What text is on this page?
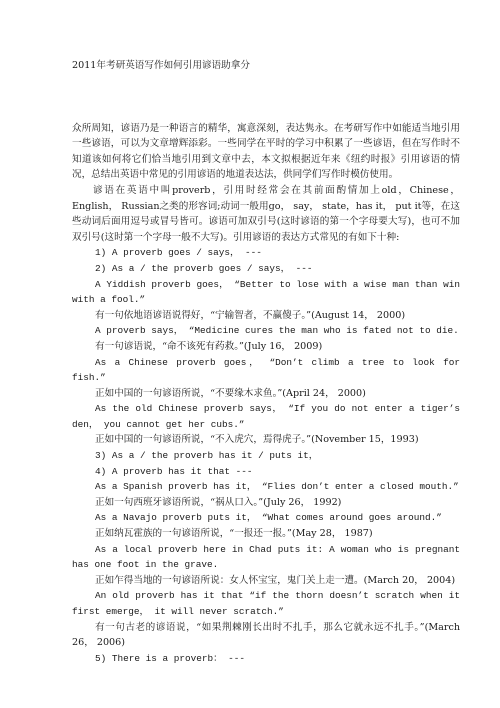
2011年考研英语写作如何引用谚语助拿分

众所周知，谚语乃是一种语言的精华，寓意深刻，表达隽永。在考研写作中如能适当地引用一些谚语，可以为文章增辉添彩。一些同学在平时的学习中积累了一些谚语，但在写作时不知道该如何将它们恰当地引用到文章中去，本文拟根据近年来《纽约时报》引用谚语的情况，总结出英语中常见的引用谚语的地道表达法，供同学们写作时模仿使用。

谚语在英语中叫proverb，引用时经常会在其前面酌情加上old，Chinese， English， Russian之类的形容词;动词一般用go， say， state，has it， put it等，在这些动词后面用逗号或冒号皆可。谚语可加双引号(这时谚语的第一个字母要大写)，也可不加双引号(这时第一个字母一般不大写)。引用谚语的表达方式常见的有如下十种:

1) A proverb goes / says， ---

2) As a / the proverb goes / says， ---

A Yiddish proverb goes， “Better to lose with a wise man than win with a fool.”

有一句依地语谚语说得好，“宁输智者，不赢傻子。”(August 14， 2000)

A proverb says， “Medicine cures the man who is fated not to die.

有一句谚语说，“命不该死有药救。”(July 16， 2009)

As a Chinese proverb goes， “Don’t climb a tree to look for fish.”

正如中国的一句谚语所说，“不要缘木求鱼。”(April 24， 2000)

As the old Chinese proverb says， “If you do not enter a tiger’s den， you cannot get her cubs.”

正如中国的一句谚语所说，“不入虎穴，焉得虎子。”(November 15，1993)

3) As a / the proverb has it / puts it，

4) A proverb has it that ---

As a Spanish proverb has it， “Flies don’t enter a closed mouth.”

正如一句西班牙谚语所说，“祸从口入。”(July 26， 1992)

As a Navajo proverb puts it， “What comes around goes around.”

正如纳瓦霍族的一句谚语所说，“一报还一报。”(May 28， 1987)

As a local proverb here in Chad puts it: A woman who is pregnant has one foot in the grave.

正如乍得当地的一句谚语所说：女人怀宝宝，鬼门关上走一遭。(March 20， 2004)

An old proverb has it that “if the thorn doesn’t scratch when it first emerge， it will never scratch.”

有一句古老的谚语说，“如果荆棘刚长出时不扎手，那么它就永远不扎手。”(March 26， 2006)

5) There is a proverb： ---
